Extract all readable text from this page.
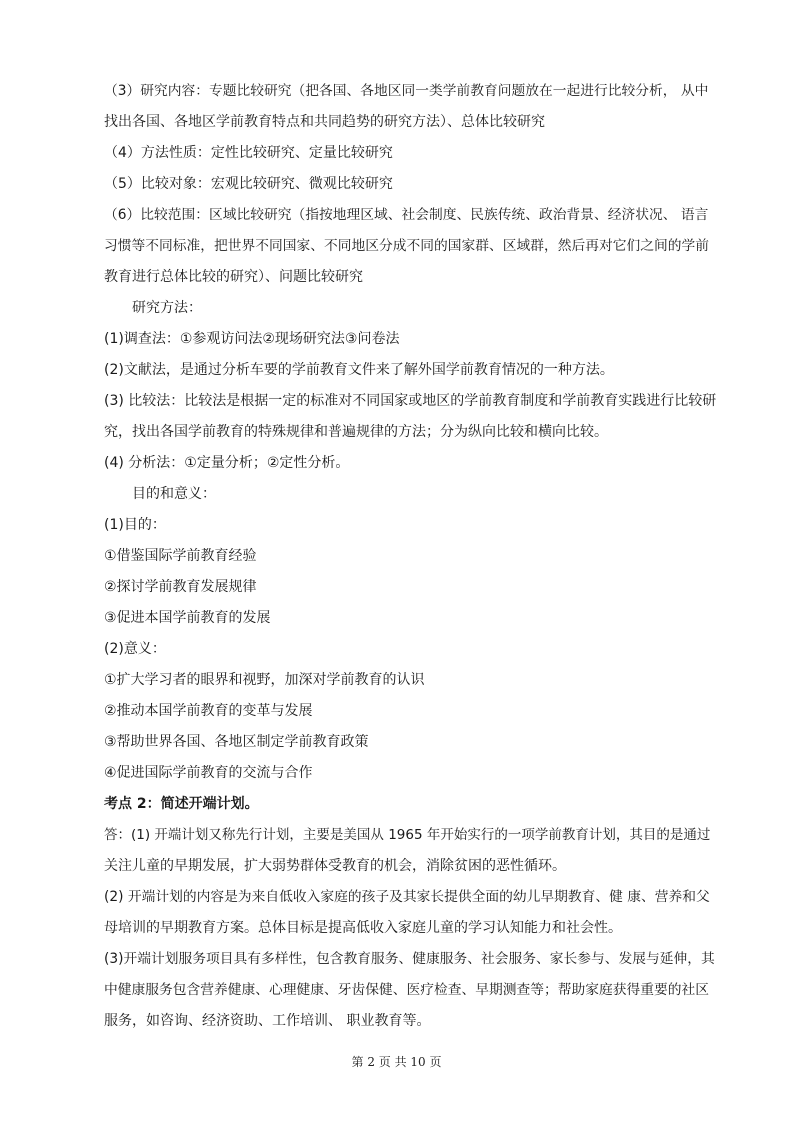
（3）研究内容：专题比较研究（把各国、各地区同一类学前教育问题放在一起进行比较分析， 从中
找出各国、各地区学前教育特点和共同趋势的研究方法）、总体比较研究
（4）方法性质：定性比较研究、定量比较研究
（5）比较对象：宏观比较研究、微观比较研究
（6）比较范围：区域比较研究（指按地理区域、社会制度、民族传统、政治背景、经济状况、 语言
习惯等不同标准，把世界不同国家、不同地区分成不同的国家群、区域群，然后再对它们之间的学前
教育进行总体比较的研究）、问题比较研究
研究方法：
(1)调查法：①参观访问法②现场研究法③问卷法
(2)文献法，是通过分析车要的学前教育文件来了解外国学前教育情况的一种方法。
(3) 比较法：比较法是根据一定的标准对不同国家或地区的学前教育制度和学前教育实践进行比较研
究，找出各国学前教育的特殊规律和普遍规律的方法；分为纵向比较和横向比较。
(4) 分析法：①定量分析；②定性分析。
目的和意义：
(1)目的：
①借鉴国际学前教育经验
②探讨学前教育发展规律
③促进本国学前教育的发展
(2)意义：
①扩大学习者的眼界和视野，加深对学前教育的认识
②推动本国学前教育的变革与发展
③帮助世界各国、各地区制定学前教育政策
④促进国际学前教育的交流与合作
考点 2：简述开端计划。
答：(1) 开端计划又称先行计划，主要是美国从 1965 年开始实行的一项学前教育计划，其目的是通过
关注儿童的早期发展，扩大弱势群体受教育的机会，消除贫困的恶性循环。
(2) 开端计划的内容是为来自低收入家庭的孩子及其家长提供全面的幼儿早期教育、健 康、营养和父
母培训的早期教育方案。总体目标是提高低收入家庭儿童的学习认知能力和社会性。
(3)开端计划服务项目具有多样性，包含教育服务、健康服务、社会服务、家长参与、发展与延伸，其
中健康服务包含营养健康、心理健康、牙齿保健、医疗检查、早期测查等；帮助家庭获得重要的社区
服务，如咨询、经济资助、工作培训、 职业教育等。
第 2 页 共 10 页
